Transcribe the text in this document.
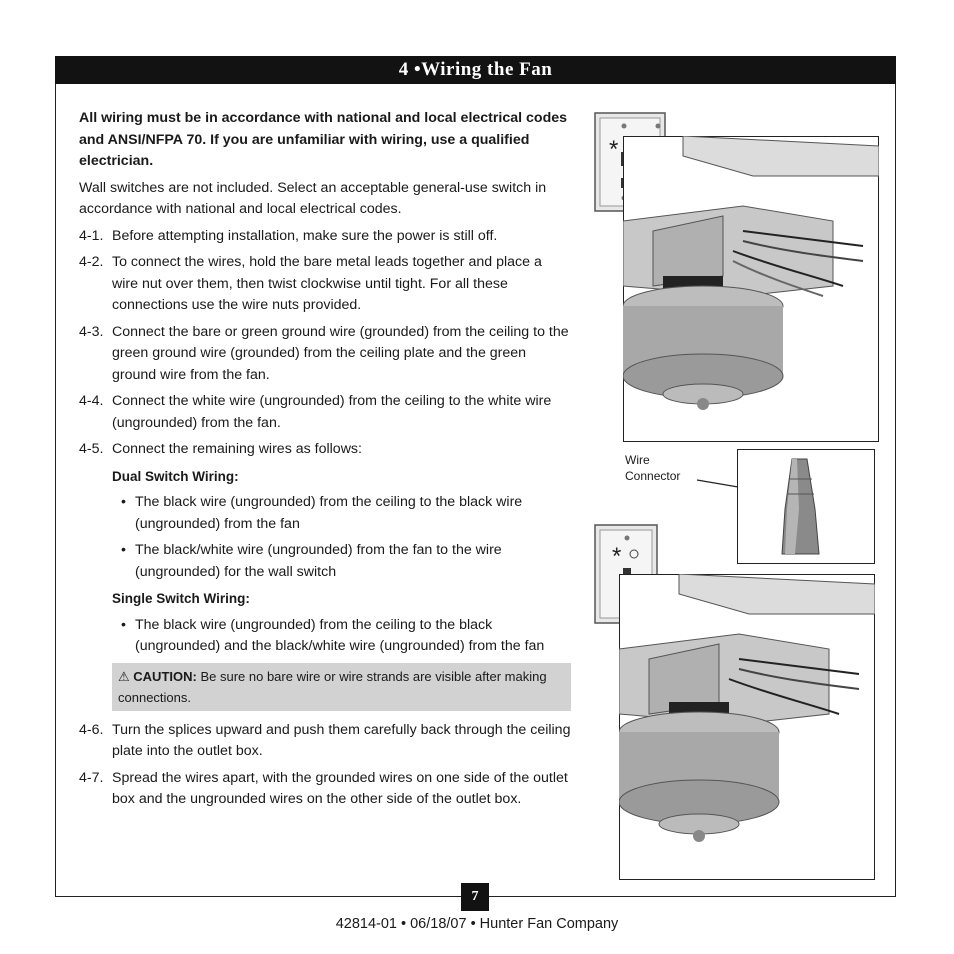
4 •Wiring the Fan

All wiring must be in accordance with national and local electrical codes and ANSI/NFPA 70. If you are unfamiliar with wiring, use a qualified electrician.

Wall switches are not included. Select an acceptable general-use switch in accordance with national and local electrical codes.

4-1. Before attempting installation, make sure the power is still off.
4-2. To connect the wires, hold the bare metal leads together and place a wire nut over them, then twist clockwise until tight. For all these connections use the wire nuts provided.
4-3. Connect the bare or green ground wire (grounded) from the ceiling to the green ground wire (grounded) from the ceiling plate and the green ground wire from the fan.
4-4. Connect the white wire (ungrounded) from the ceiling to the white wire (ungrounded) from the fan.
4-5. Connect the remaining wires as follows:
Dual Switch Wiring:
• The black wire (ungrounded) from the ceiling to the black wire (ungrounded) from the fan
• The black/white wire (ungrounded) from the fan to the wire (ungrounded) for the wall switch
Single Switch Wiring:
• The black wire (ungrounded) from the ceiling to the black (ungrounded) and the black/white wire (ungrounded) from the fan
⚠ CAUTION: Be sure no bare wire or wire strands are visible after making connections.
4-6. Turn the splices upward and push them carefully back through the ceiling plate into the outlet box.
4-7. Spread the wires apart, with the grounded wires on one side of the outlet box and the ungrounded wires on the other side of the outlet box.
*
Wire
Connector
*
7
42814-01 • 06/18/07 • Hunter Fan Company
